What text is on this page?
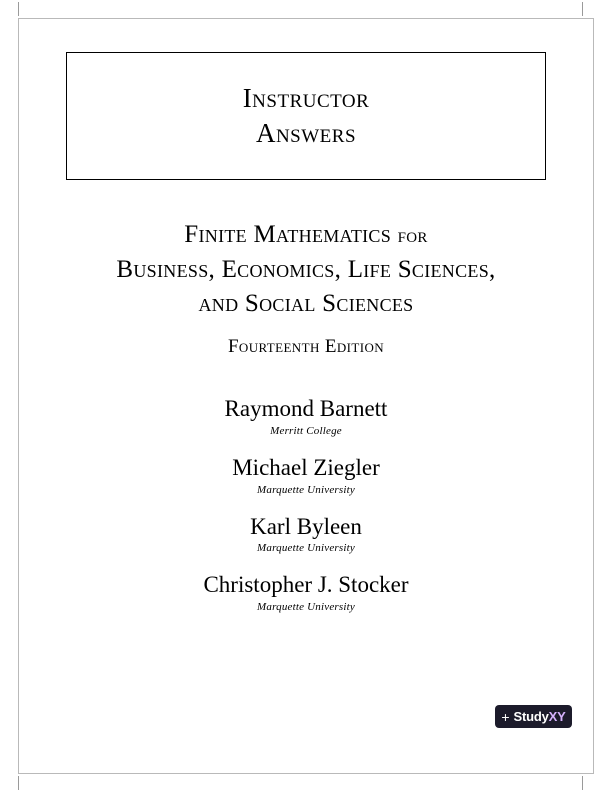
Instructor
Answers
Finite Mathematics for
Business, Economics, Life Sciences,
and Social Sciences
Fourteenth Edition
Raymond Barnett
Merritt College
Michael Ziegler
Marquette University
Karl Byleen
Marquette University
Christopher J. Stocker
Marquette University
+ StudyXY
